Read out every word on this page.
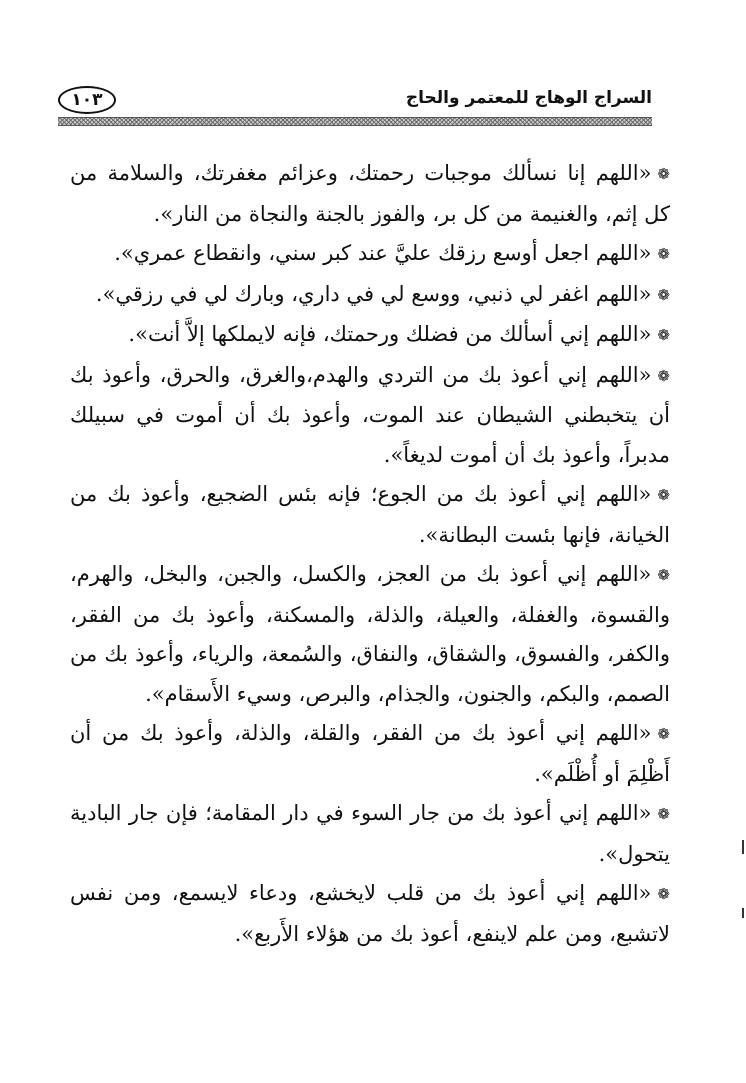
السراج الوهاج للمعتمر والحاج
١٠٣

❁«اللهم إنا نسألك موجبات رحمتك، وعزائم مغفرتك، والسلامة من كل إثم، والغنيمة من كل بر، والفوز بالجنة والنجاة من النار».

❁«اللهم اجعل أوسع رزقك عليَّ عند كبر سني، وانقطاع عمري».

❁«اللهم اغفر لي ذنبي، ووسع لي في داري، وبارك لي في رزقي».

❁«اللهم إني أسألك من فضلك ورحمتك، فإنه لايملكها إلاَّ أنت».

❁«اللهم إني أعوذ بك من التردي والهدم،والغرق، والحرق، وأعوذ بك أن يتخبطني الشيطان عند الموت، وأعوذ بك أن أموت في سبيلك مدبراً، وأعوذ بك أن أموت لديغاً».

❁«اللهم إني أعوذ بك من الجوع؛ فإنه بئس الضجيع، وأعوذ بك من الخيانة، فإنها بئست البطانة».

❁«اللهم إني أعوذ بك من العجز، والكسل، والجبن، والبخل، والهرم، والقسوة، والغفلة، والعيلة، والذلة، والمسكنة، وأعوذ بك من الفقر، والكفر، والفسوق، والشقاق، والنفاق، والسُمعة، والرياء، وأعوذ بك من الصمم، والبكم، والجنون، والجذام، والبرص، وسيء الأَسقام».

❁«اللهم إني أعوذ بك من الفقر، والقلة، والذلة، وأعوذ بك من أن أَظْلِمَ أو أُظْلَم».

❁«اللهم إني أعوذ بك من جار السوء في دار المقامة؛ فإن جار البادية يتحول».

❁«اللهم إني أعوذ بك من قلب لايخشع، ودعاء لايسمع، ومن نفس لاتشبع، ومن علم لاينفع، أعوذ بك من هؤلاء الأَربع».
